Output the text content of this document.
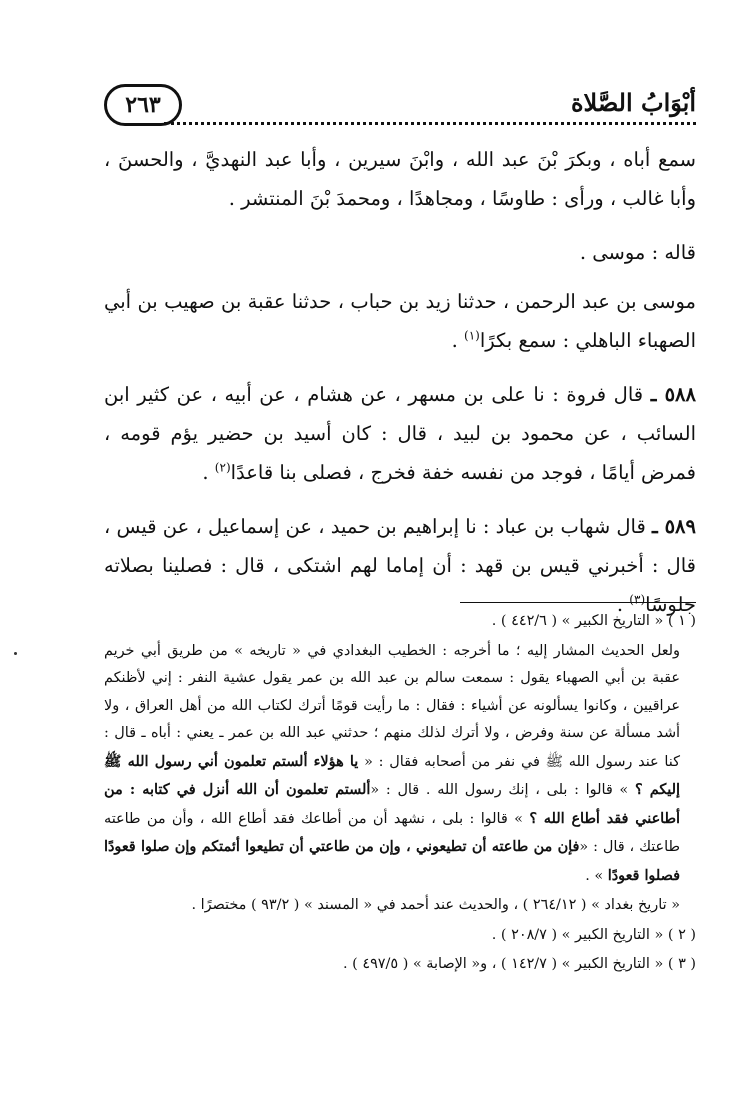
٢٦٣	أبْوَابُ الصَّلاة

سمع أباه ، وبكرَ بْنَ عبد الله ، وابْنَ سيرين ، وأبا عبد النهديَّ ، والحسنَ ، وأبا غالب ، ورأى : طاوسًا ، ومجاهدًا ، ومحمدَ بْنَ المنتشر .

قاله : موسى .

موسى بن عبد الرحمن ، حدثنا زيد بن حباب ، حدثنا عقبة بن صهيب بن أبي الصهباء الباهلي : سمع بكرًا$^{(١)}$ .

٥٨٨ ـ قال فروة : نا على بن مسهر ، عن هشام ، عن أبيه ، عن كثير ابن السائب ، عن محمود بن لبيد ، قال : كان أسيد بن حضير يؤم قومه ، فمرض أيامًا ، فوجد من نفسه خفة فخرج ، فصلى بنا قاعدًا$^{(٢)}$ .

٥٨٩ ـ قال شهاب بن عباد : نا إبراهيم بن حميد ، عن إسماعيل ، عن قيس ، قال : أخبرني قيس بن قهد : أن إماما لهم اشتكى ، قال : فصلينا بصلاته جلوسًا$^{(٣)}$ .

( ١ ) « التاريخ الكبير » ( ٤٤٢/٦ ) .

ولعل الحديث المشار إليه ؛ ما أخرجه : الخطيب البغدادي في « تاريخه » من طريق أبي خريم عقبة بن أبي الصهباء يقول : سمعت سالم بن عبد الله بن عمر يقول عشية النفر : إني لأظنكم عراقيين ، وكانوا يسألونه عن أشياء : فقال : ما رأيت قومًا أترك لكتاب الله من أهل العراق ، ولا أشد مسألة عن سنة وفرض ، ولا أترك لذلك منهم ؛ حدثني عبد الله بن عمر ـ يعني : أباه ـ قال : كنا عند رسول الله ﷺ في نفر من أصحابه فقال : « يا هؤلاء ألستم تعلمون أني رسول الله ﷺ إليكم ؟ » قالوا : بلى ، إنك رسول الله . قال : «ألستم تعلمون أن الله أنزل في كتابه : من أطاعني فقد أطاع الله ؟ » قالوا : بلى ، نشهد أن من أطاعك فقد أطاع الله ، وأن من طاعته طاعتك ، قال : «فإن من طاعته أن تطيعوني ، وإن من طاعتي أن تطيعوا أئمتكم وإن صلوا قعودًا فصلوا قعودًا » .

« تاريخ بغداد » ( ٢٦٤/١٢ ) ، والحديث عند أحمد في « المسند » ( ٩٣/٢ ) مختصرًا .

( ٢ ) « التاريخ الكبير » ( ٢٠٨/٧ ) .

( ٣ ) « التاريخ الكبير » ( ١٤٢/٧ ) ، و« الإصابة » ( ٤٩٧/٥ ) .
